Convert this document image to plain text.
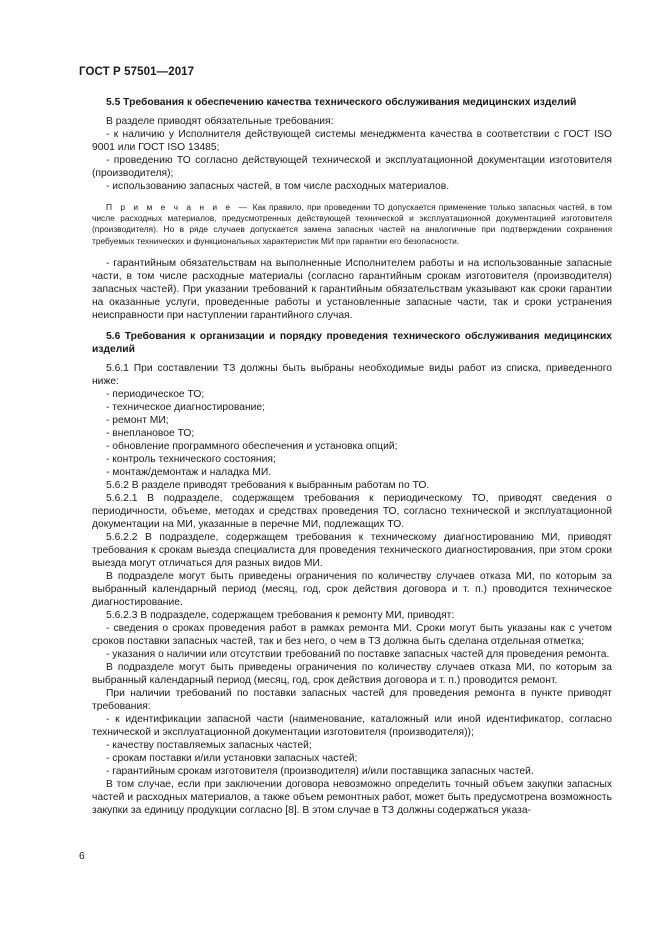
ГОСТ Р 57501—2017
5.5 Требования к обеспечению качества технического обслуживания медицинских изделий

В разделе приводят обязательные требования:

- к наличию у Исполнителя действующей системы менеджмента качества в соответствии с ГОСТ ISO 9001 или ГОСТ ISO 13485;

- проведению ТО согласно действующей технической и эксплуатационной документации изготовителя (производителя);

- использованию запасных частей, в том числе расходных материалов.

П р и м е ч а н и е — Как правило, при проведении ТО допускается применение только запасных частей, в том числе расходных материалов, предусмотренных действующей технической и эксплуатационной документацией изготовителя (производителя). Но в ряде случаев допускается замена запасных частей на аналогичные при подтверждении сохранения требуемых технических и функциональных характеристик МИ при гарантии его безопасности.

- гарантийным обязательствам на выполненные Исполнителем работы и на использованные запасные части, в том числе расходные материалы (согласно гарантийным срокам изготовителя (производителя) запасных частей). При указании требований к гарантийным обязательствам указывают как сроки гарантии на оказанные услуги, проведенные работы и установленные запасные части, так и сроки устранения неисправности при наступлении гарантийного случая.

5.6 Требования к организации и порядку проведения технического обслуживания медицинских изделий

5.6.1 При составлении ТЗ должны быть выбраны необходимые виды работ из списка, приведенного ниже:

- периодическое ТО;

- техническое диагностирование;

- ремонт МИ;

- внеплановое ТО;

- обновление программного обеспечения и установка опций;

- контроль технического состояния;

- монтаж/демонтаж и наладка МИ.

5.6.2 В разделе приводят требования к выбранным работам по ТО.

5.6.2.1 В подразделе, содержащем требования к периодическому ТО, приводят сведения о периодичности, объеме, методах и средствах проведения ТО, согласно технической и эксплуатационной документации на МИ, указанные в перечне МИ, подлежащих ТО.

5.6.2.2 В подразделе, содержащем требования к техническому диагностированию МИ, приводят требования к срокам выезда специалиста для проведения технического диагностирования, при этом сроки выезда могут отличаться для разных видов МИ.

В подразделе могут быть приведены ограничения по количеству случаев отказа МИ, по которым за выбранный календарный период (месяц, год, срок действия договора и т. п.) проводится техническое диагностирование.

5.6.2.3 В подразделе, содержащем требования к ремонту МИ, приводят:

- сведения о сроках проведения работ в рамках ремонта МИ. Сроки могут быть указаны как с учетом сроков поставки запасных частей, так и без него, о чем в ТЗ должна быть сделана отдельная отметка;

- указания о наличии или отсутствии требований по поставке запасных частей для проведения ремонта.

В подразделе могут быть приведены ограничения по количеству случаев отказа МИ, по которым за выбранный календарный период (месяц, год, срок действия договора и т. п.) проводится ремонт.

При наличии требований по поставки запасных частей для проведения ремонта в пункте приводят требования:

- к идентификации запасной части (наименование, каталожный или иной идентификатор, согласно технической и эксплуатационной документации изготовителя (производителя));

- качеству поставляемых запасных частей;

- срокам поставки и/или установки запасных частей;

- гарантийным срокам изготовителя (производителя) и/или поставщика запасных частей.

В том случае, если при заключении договора невозможно определить точный объем закупки запасных частей и расходных материалов, а также объем ремонтных работ, может быть предусмотрена возможность закупки за единицу продукции согласно [8]. В этом случае в ТЗ должны содержаться указа-

6
